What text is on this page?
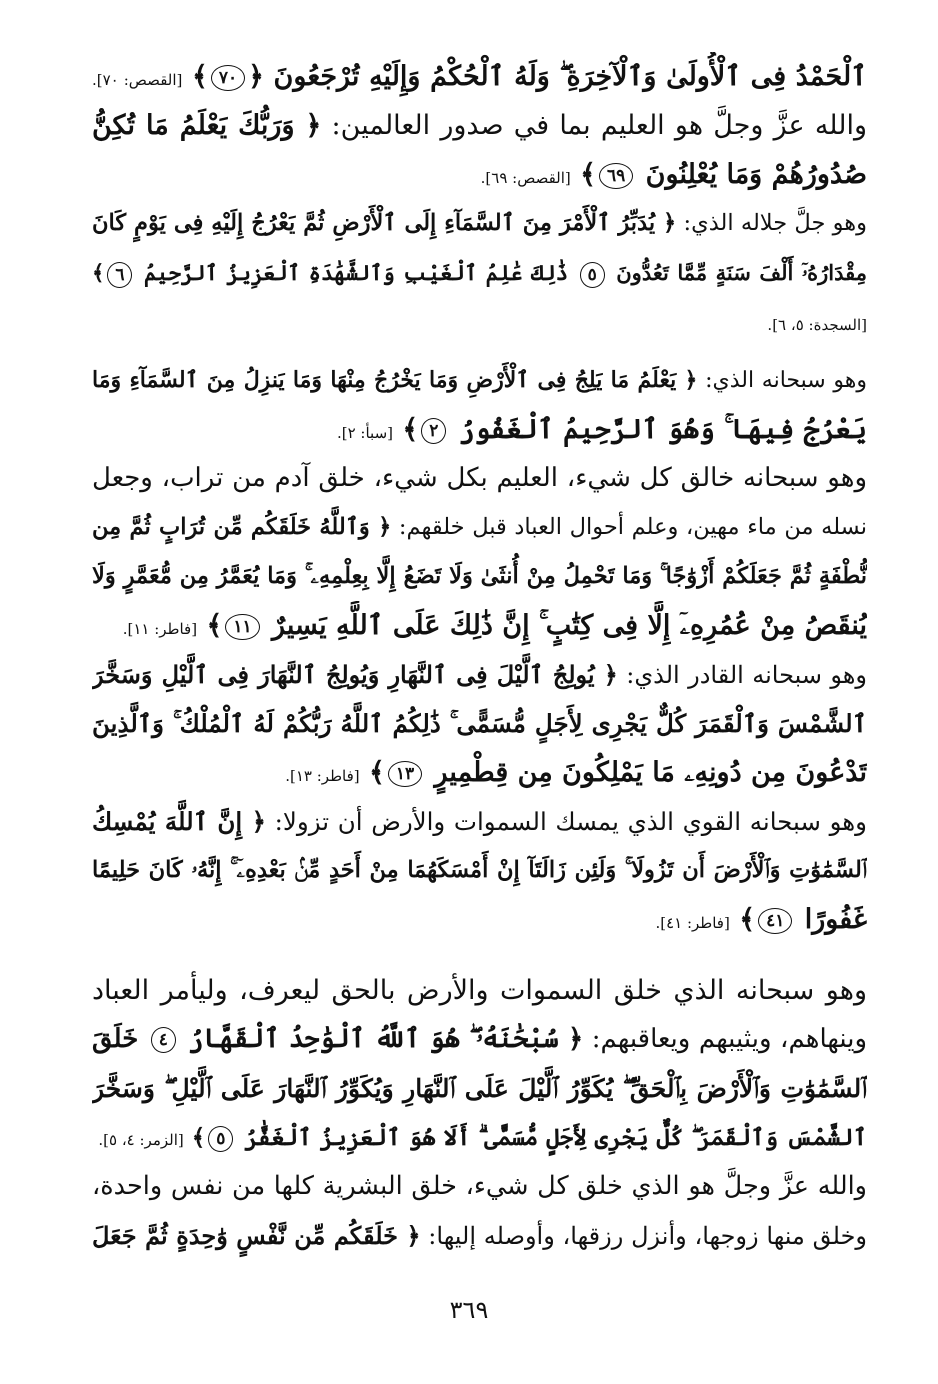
ٱلْحَمْدُ فِى ٱلْأُولَىٰ وَٱلْآخِرَةِ ۖ وَلَهُ ٱلْحُكْمُ وَإِلَيْهِ تُرْجَعُونَ ﴿٧٠﴾ [القصص: ٧٠].
والله عزَّ وجلَّ هو العليم بما في صدور العالمين: ﴿ وَرَبُّكَ يَعْلَمُ مَا تُكِنُّ
صُدُورُهُمْ وَمَا يُعْلِنُونَ ٦٩﴾ [القصص: ٦٩].
وهو جلَّ جلاله الذي: ﴿ يُدَبِّرُ ٱلْأَمْرَ مِنَ ٱلسَّمَآءِ إِلَى ٱلْأَرْضِ ثُمَّ يَعْرُجُ إِلَيْهِ فِى يَوْمٍ كَانَ
مِقْدَارُهُۥٓ أَلْفَ سَنَةٍ مِّمَّا تَعُدُّونَ ٥ ذَٰلِكَ عَٰلِمُ ٱلْغَيْبِ وَٱلشَّهَٰدَةِ ٱلْعَزِيزُ ٱلرَّحِيمُ ٦﴾
[السجدة: ٥، ٦].
وهو سبحانه الذي: ﴿ يَعْلَمُ مَا يَلِجُ فِى ٱلْأَرْضِ وَمَا يَخْرُجُ مِنْهَا وَمَا يَنزِلُ مِنَ ٱلسَّمَآءِ وَمَا
يَعْرُجُ فِيهَا ۚ وَهُوَ ٱلرَّحِيمُ ٱلْغَفُورُ ٢﴾ [سبأ: ٢].
وهو سبحانه خالق كل شيء، العليم بكل شيء، خلق آدم من تراب، وجعل
نسله من ماء مهين، وعلم أحوال العباد قبل خلقهم: ﴿ وَٱللَّهُ خَلَقَكُم مِّن تُرَابٍ ثُمَّ مِن
نُّطْفَةٍ ثُمَّ جَعَلَكُمْ أَزْوَٰجًا ۚ وَمَا تَحْمِلُ مِنْ أُنثَىٰ وَلَا تَضَعُ إِلَّا بِعِلْمِهِۦ ۚ وَمَا يُعَمَّرُ مِن مُّعَمَّرٍ وَلَا
يُنقَصُ مِنْ عُمُرِهِۦٓ إِلَّا فِى كِتَٰبٍ ۚ إِنَّ ذَٰلِكَ عَلَى ٱللَّهِ يَسِيرٌ ١١﴾ [فاطر: ١١].
وهو سبحانه القادر الذي: ﴿ يُولِجُ ٱلَّيْلَ فِى ٱلنَّهَارِ وَيُولِجُ ٱلنَّهَارَ فِى ٱلَّيْلِ وَسَخَّرَ
ٱلشَّمْسَ وَٱلْقَمَرَ كُلٌّ يَجْرِى لِأَجَلٍ مُّسَمًّى ۚ ذَٰلِكُمُ ٱللَّهُ رَبُّكُمْ لَهُ ٱلْمُلْكُ ۚ وَٱلَّذِينَ
تَدْعُونَ مِن دُونِهِۦ مَا يَمْلِكُونَ مِن قِطْمِيرٍ ١٣﴾ [فاطر: ١٣].
وهو سبحانه القوي الذي يمسك السموات والأرض أن تزولا: ﴿ إِنَّ ٱللَّهَ يُمْسِكُ
ٱلسَّمَٰوَٰتِ وَٱلْأَرْضَ أَن تَزُولَا ۚ وَلَئِن زَالَتَآ إِنْ أَمْسَكَهُمَا مِنْ أَحَدٍ مِّنۢ بَعْدِهِۦٓ ۚ إِنَّهُۥ كَانَ حَلِيمًا
غَفُورًا ٤١﴾ [فاطر: ٤١].
وهو سبحانه الذي خلق السموات والأرض بالحق ليعرف، وليأمر العباد
وينهاهم، ويثيبهم ويعاقبهم: ﴿ سُبْحَٰنَهُۥ ۖ هُوَ ٱللَّهُ ٱلْوَٰحِدُ ٱلْقَهَّارُ ٤ خَلَقَ
ٱلسَّمَٰوَٰتِ وَٱلْأَرْضَ بِٱلْحَقِّ ۖ يُكَوِّرُ ٱلَّيْلَ عَلَى ٱلنَّهَارِ وَيُكَوِّرُ ٱلنَّهَارَ عَلَى ٱلَّيْلِ ۖ وَسَخَّرَ
ٱلشَّمْسَ وَٱلْقَمَرَ ۖ كُلٌّ يَجْرِى لِأَجَلٍ مُّسَمًّى ۗ أَلَا هُوَ ٱلْعَزِيزُ ٱلْغَفَّٰرُ ٥﴾ [الزمر: ٤، ٥].
والله عزَّ وجلَّ هو الذي خلق كل شيء، خلق البشرية كلها من نفس واحدة،
وخلق منها زوجها، وأنزل رزقها، وأوصله إليها: ﴿ خَلَقَكُم مِّن نَّفْسٍ وَٰحِدَةٍ ثُمَّ جَعَلَ
٣٦٩
